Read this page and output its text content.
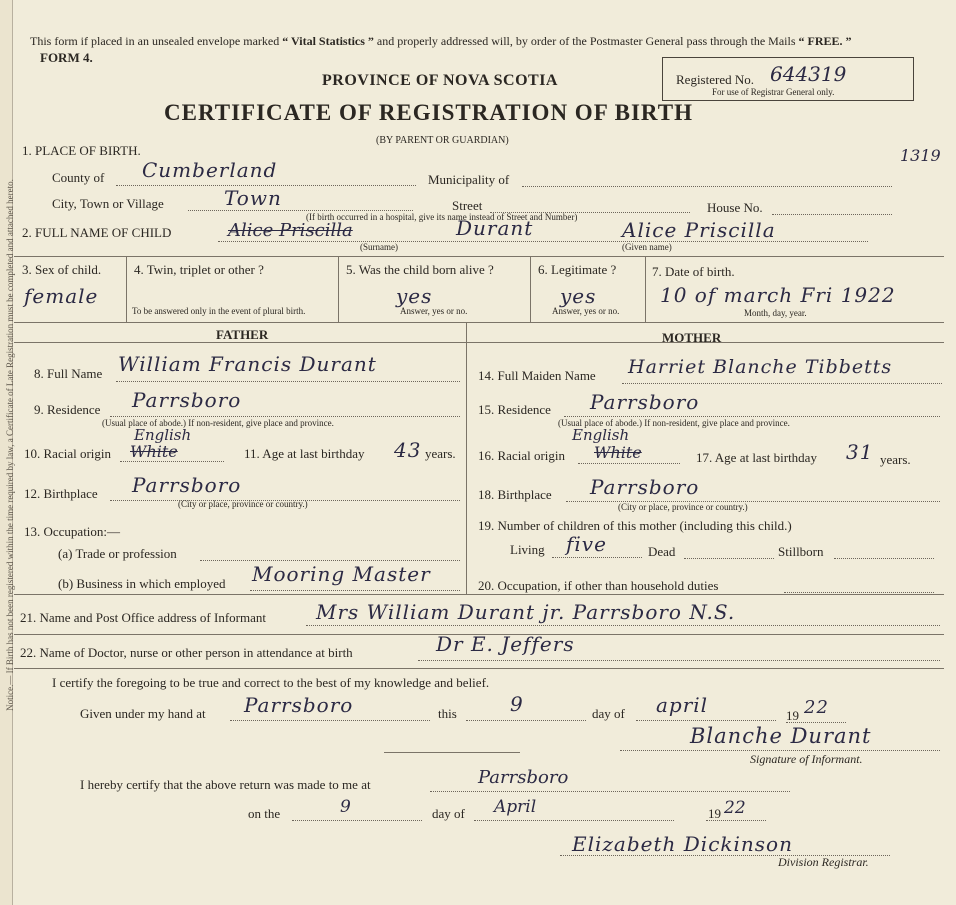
Notice.— If Birth has not been registered within the time required by law, a Certificate of Late Registration must be completed and attached hereto.
This form if placed in an unsealed envelope marked “ Vital Statistics ” and properly addressed will, by order of the Postmaster General pass through the Mails “ FREE. ”
FORM 4.
PROVINCE OF NOVA SCOTIA
CERTIFICATE OF REGISTRATION OF BIRTH
(BY PARENT OR GUARDIAN)
Registered No. 644319
For use of Registrar General only.
1319
1. PLACE OF BIRTH.
County of Cumberland	Municipality of
City, Town or Village	Town	Street	House No.
(If birth occurred in a hospital, give its name instead of Street and Number)
2. FULL NAME OF CHILD	Alice Priscilla	Durant	Alice Priscilla
(Surname)	(Given name)
3. Sex of child.
female
4. Twin, triplet or other ?
To be answered only in the event of plural birth.
5. Was the child born alive ?
yes
Answer, yes or no.
6. Legitimate ?
yes
Answer, yes or no.
7. Date of birth.
10 of march Fri 1922
Month, day, year.
FATHER	MOTHER
8. Full Name William Francis Durant
9. Residence Parrsboro
(Usual place of abode.) If non-resident, give place and province.
10. Racial origin White
English
11. Age at last birthday 43 years.
12. Birthplace Parrsboro
(City or place, province or country.)
13. Occupation:—
(a) Trade or profession
(b) Business in which employed Mooring Master
14. Full Maiden Name Harriet Blanche Tibbetts
15. Residence Parrsboro
(Usual place of abode.) If non-resident, give place and province.
16. Racial origin White
English
17. Age at last birthday 31 years.
18. Birthplace Parrsboro
(City or place, province or country.)
19. Number of children of this mother (including this child.)
Living five	Dead	Stillborn
20. Occupation, if other than household duties
21. Name and Post Office address of Informant	Mrs William Durant jr. Parrsboro N.S.
22. Name of Doctor, nurse or other person in attendance at birth	Dr E. Jeffers
I certify the foregoing to be true and correct to the best of my knowledge and belief.
Given under my hand at Parrsboro	this	9	day of april	19 22
Blanche Durant
Signature of Informant.
I hereby certify that the above return was made to me at	Parrsboro
on the	9	day of April	19 22
Elizabeth Dickinson
Division Registrar.
